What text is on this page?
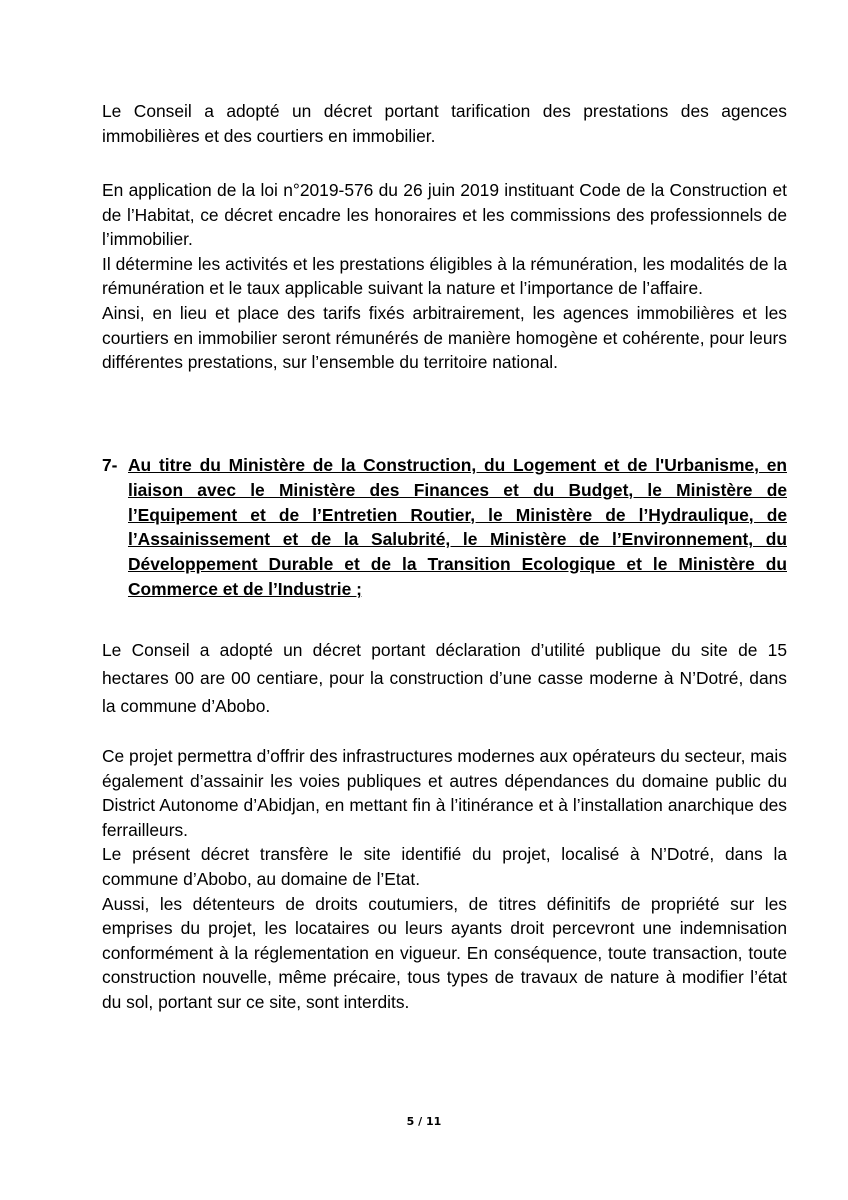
Le Conseil a adopté un décret portant tarification des prestations des agences immobilières et des courtiers en immobilier.

En application de la loi n°2019-576 du 26 juin 2019 instituant Code de la Construction et de l’Habitat, ce décret encadre les honoraires et les commissions des professionnels de l’immobilier.

Il détermine les activités et les prestations éligibles à la rémunération, les modalités de la rémunération et le taux applicable suivant la nature et l’importance de l’affaire.

Ainsi, en lieu et place des tarifs fixés arbitrairement, les agences immobilières et les courtiers en immobilier seront rémunérés de manière homogène et cohérente, pour leurs différentes prestations, sur l’ensemble du territoire national.

7- Au titre du Ministère de la Construction, du Logement et de l'Urbanisme, en liaison avec le Ministère des Finances et du Budget, le Ministère de l’Equipement et de l’Entretien Routier, le Ministère de l’Hydraulique, de l’Assainissement et de la Salubrité, le Ministère de l’Environnement, du Développement Durable et de la Transition Ecologique et le Ministère du Commerce et de l’Industrie ;

Le Conseil a adopté un décret portant déclaration d’utilité publique du site de 15 hectares 00 are 00 centiare, pour la construction d’une casse moderne à N’Dotré, dans la commune d’Abobo.

Ce projet permettra d’offrir des infrastructures modernes aux opérateurs du secteur, mais également d’assainir les voies publiques et autres dépendances du domaine public du District Autonome d’Abidjan, en mettant fin à l’itinérance et à l’installation anarchique des ferrailleurs.

Le présent décret transfère le site identifié du projet, localisé à N’Dotré, dans la commune d’Abobo, au domaine de l’Etat.

Aussi, les détenteurs de droits coutumiers, de titres définitifs de propriété sur les emprises du projet, les locataires ou leurs ayants droit percevront une indemnisation conformément à la réglementation en vigueur. En conséquence, toute transaction, toute construction nouvelle, même précaire, tous types de travaux de nature à modifier l’état du sol, portant sur ce site, sont interdits.

5 / 11
